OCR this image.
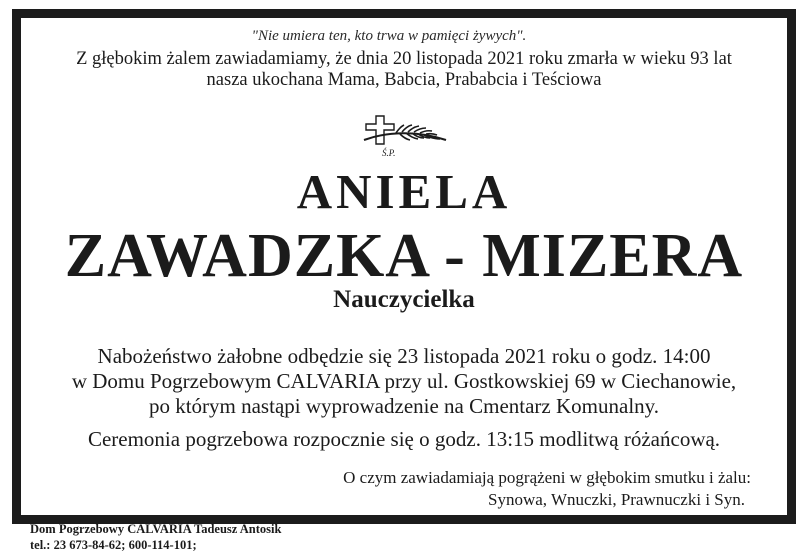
"Nie umiera ten, kto trwa w pamięci żywych".
Z głębokim żalem zawiadamiamy, że dnia 20 listopada 2021 roku zmarła w wieku 93 lat
nasza ukochana Mama, Babcia, Prababcia i Teściowa
Ś.P.
ANIELA
ZAWADZKA - MIZERA
Nauczycielka
Nabożeństwo żałobne odbędzie się 23 listopada 2021 roku o godz. 14:00
w Domu Pogrzebowym CALVARIA przy ul. Gostkowskiej 69 w Ciechanowie,
po którym nastąpi wyprowadzenie na Cmentarz Komunalny.
Ceremonia pogrzebowa rozpocznie się o godz. 13:15 modlitwą różańcową.
O czym zawiadamiają pogrążeni w głębokim smutku i żalu:
Synowa, Wnuczki, Prawnuczki i Syn.
Dom Pogrzebowy CALVARIA Tadeusz Antosik
tel.: 23 673-84-62; 600-114-101;
